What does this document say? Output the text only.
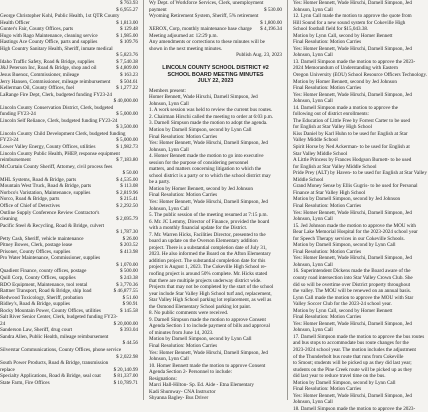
$ 763.93
$ 6,955.27
George Christopher Kohl, Public Health, 1st QTR County
Health Officer	$ 1,813.00
Gunter's Fair, County Offices, parts	$ 129.48
Hugo with Rago Maintenance, cleaning service	$ 1,985.00
Hastings Ace County Office, parts and supplies	$ 109.76
High Country Sanitary Health, Sheriff, inmate medical
$ 5,823.76
Idaho Traffic Safety, Road & Bridge, supplies	$ 7,540.38
J&J Peterson Inc, Road & Bridge, shop and oil	$ 4,809.00
Jesus Buenoz, Commissioner, mileage	$ 163.23
Jerry Hansen, Commissioner, mileage reimbursement	$ 504.61
Kellerman Oil, County Offices, fuel	$ 1,277.22
LaRange Fire Dept, Clerk, budgeted funding FY23-24
$ 40,000.00
Lincoln County Conservation District, Clerk, budgeted
funding FY23-24	$ 5,000.00
Lincoln Self Reliance, Clerk, budgeted funding FY23-24
$ 3,500.00
Lincoln County Child Development Clerk, budgeted funding
FY23-24	$ 5,000.00
Lower Valley Energy, County Offices, utilities	$ 1,982.73
Lincoln County Public Health, PHEP, response equipment
reimbursement	$ 7,183.80
McCurtain County Sheriff, Attorney, civil process fees
$ 50.00
MHL Systems, Road & Bridge, parts	$ 4,535.00
Mountain West Truck, Road & Bridge, parts	$ 113.08
Norbco's Varistation, Maintenance, supplies	$ 2,819.96
Norco, Road & Bridge, parts	$ 215.41
Office of Chief of Detectives	$ 2,292.50
Outline Supply Conference Review Contractor's
cleaning	$ 2,695.79
Pacific Steel & Recycling, Road & Bridge, culvert
$ 1,787.30
Petty Cash, Sheriff, vehicle maintenance	$ 26.00
Pitney Bowes, Clerk, postage lease	$ 203.52
Prisoner, County Offices, supplies	$ 413.98
Pro Water Maintenance, Commissioner, supplies
$ 1,070.00
Quadient Finance, county offices, postage	$ 500.00
Quill Corp, County Offices, supplies	$ 243.38
RDO Equipment, Maintenance, tool rental	$ 3,770.36
Rattner Transport, Road & Bridge, ship load	$ 46,877.55
Redwood Toxicology, Sheriff, probation	$ 51.60
Ridley's, Road & Bridge, supplies	$ 90.91
Rocky Mountain Power, County Offices, utilities	$ 145.58
Salt River Senior Center, Clerk, budgeted funding FY23-
24	$ 20,000.00
Sanderson Law, Sheriff, drug court	$ 393.04
Sandra Allen, Public Health, mileage reimbursement
$ 44.56
Silverstar Communications, County Offices, phone service
$ 2,022.98
South Power Products, Road & Bridge, transmission
replace	$ 20,140.99
Specialty Applications, Road & Bridge, seal coat	$ 81,337.00
State Farm, Fire Offices	$ 10,789.71
Wy Dept. of Workforce Services, Clerk, unemployment
payment	$ 530.00
Wyoming Retirement System, Sheriff, 5% retirement
$ 1,800.00
XEROX, Corp, monthly maintenance base charge	$ 4,196.34
Meeting adjourned at: 12:29 p.m.
Any amendments or corrections to these minutes will be
shown in the next meeting minutes.
Publish Aug. 23, 2023
LINCOLN COUNTY SCHOOL DISTRICT #2
SCHOOL BOARD MEETING MINUTES
JULY 22, 2023
Members present:
Homer Bennett, Wade Hirschi, Darnell Simpson, Jed
Johnson, Lynn Call
1. A work session was held to review the current bus routes.
2. Chairman Hirschi called the meeting to order at 6:03 p.m.
3. Darnell Simpson made the motion to adopt the agenda.
Motion by Darnell Simpson, second by Lynn Call
Final Resolution: Motion Carries
Yes: Homer Bennett, Wade Hirschi, Darnell Simpson, Jed
Johnson, Lynn Call
4. Homer Bennett made the motion to go into executive
session for the purpose of considering personnel
matters, and matters concerning litigation to which the
school district is a party or to which the school district may
be a party.
Motion by Homer Bennett, second by Jed Johnson
Final Resolution: Motion Carries
Yes: Homer Bennett, Wade Hirschi, Darnell Simpson, Jed
Johnson, Lynn Call
5. The public session of the meeting resumed at 7:15 p.m.
6. Mr. JC Lemmy, Director of Finance, provided the board
with a monthly financial update for the District.
7. Mr. Warren Hicks, Facilities Director, presented to the
board an update on the Overson Elementary addition
project. There is a substantial completion date of July 31,
2023. He also informed the Board on the Afton Elementary
addition project. The substantial completion date for this
project is August 1, 2023. The Cokeville High School re-
roofing project is around 50% complete. Mr. Hicks stated
that there are multiple projects underway district wide.
Projects that may not be completed by the start of the school
year include Star Valley High School turf and, replacement,
Star Valley High School parking lot replacement, as well as
the Osmond Elementary School parking lot paint.
8. No public comments were received.
9. Darnell Simpson made the motion to approve Consent
Agenda Section 1 to include payment of bills and approval
of minutes from June 14, 2023.
Motion by Darnell Simpson, second by Lynn Call
Final Resolution: Motion Carries
Yes: Homer Bennett, Wade Hirschi, Darnell Simpson, Jed
Johnson, Lynn Call
10. Homer Bennett made the motion to approve Consent
Agenda Section 2- Personnel to include:
Resignations:
Marci Hall-Hilton- Sp. Ed. Aide - Etna Elementary
Kadi Shumway- CNA Instructor
Shyanna Bagley- Bus Driver
Yes: Homer Bennett, Wade Hirschi, Darnell Simpson, Jed
Johnson, Lynn Call
12. Lynn Call made the motion to approve the quote from
Hill Sound for a new sound system for Cokeville High
School football field for $15,043.38.
Motion by Lynn Call, second by Homer Bennett
Final Resolution: Motion Carries
Yes: Homer Bennett, Wade Hirschi, Darnell Simpson, Jed
Johnson, Lynn Call
13. Darnell Simpson made the motion to approve the 2023-
2024 Memorandum of Understanding with Eastern
Oregon University (EOU) School Resource Officers Technology.
Motion by Homer Bennett, second by Jed Johnson
Final Resolution: Motion Carries
Yes: Homer Bennett, Wade Hirschi, Darnell Simpson, Jed
Johnson, Lynn Call
14. Darnell Simpson made a motion to approve the
following out of district enrollments:
The Education of Little Free by Forrest Carter to be used
for English at Star Valley High School
Kiss Daniel by Karl Huhn to be used for English at Star
Valley Middle School
Spirit Horse by Ned Ackerman- to be used for English at
Star Valley Middle School
A Little Princess by Frances Hodgson Burnett- to be used
for English at Star Valley Middle School
Pride Prey (ALT) by Haven- to be used for English at Star Valley
Middle School
Grand Money Sense by Ellis Gugris- to be used for Personal
Finance at Star Valley High School
Motion by Darnell Simpson, second by Jed Johnson
Final Resolution: Motion Carries
Yes: Homer Bennett, Wade Hirschi, Darnell Simpson, Jed
Johnson, Lynn Call
15. Jed Johnson made the motion to approve the MOU with
Bear Lake Memorial Hospital for the 2023-2024 school year
for Speech Therapy services in our Cokeville Schools.
Motion by Darnell Simpson, second by Lynn Call
Final Resolution: Motion Carries
Yes: Homer Bennett, Wade Hirschi, Darnell Simpson, Jed
Johnson, Lynn Call
16. Superintendent Dickens made the Board aware of the
county road intersection into Star Valley Crown Club. She
did so will be overtime over District property throughout
the valley. The MOU will be renewed on an annual basis.
Lynn Call made the motion to approve the MOU with Star
Valley Soccer Club for the 2023-24 school year.
Motion by Lynn Call, second by Homer Bennett
Final Resolution: Motion Carries
Yes: Homer Bennett, Wade Hirschi, Darnell Simpson, Jed
Johnson, Lynn Call
17. Darnell Simpson made the motion to approve the bus routes
and bus stops to accommodate bus route changes for the
2023-2024 school year. The motion includes the adjustment
of the Thunderbolt bus route that runs from Cokeville
to Smoot; students will be picked up as they did last year;
students on the Pine Creek route will be picked up as they
did last year to reduce travel time on the bus.
Motion by Darnell Simpson, second by Lynn Call
Final Resolution: Motion Carries
Yes: Homer Bennett, Wade Hirschi, Darnell Simpson, Jed
Johnson, Lynn Call
18. Darnell Simpson made the motion to approve the 2023-
